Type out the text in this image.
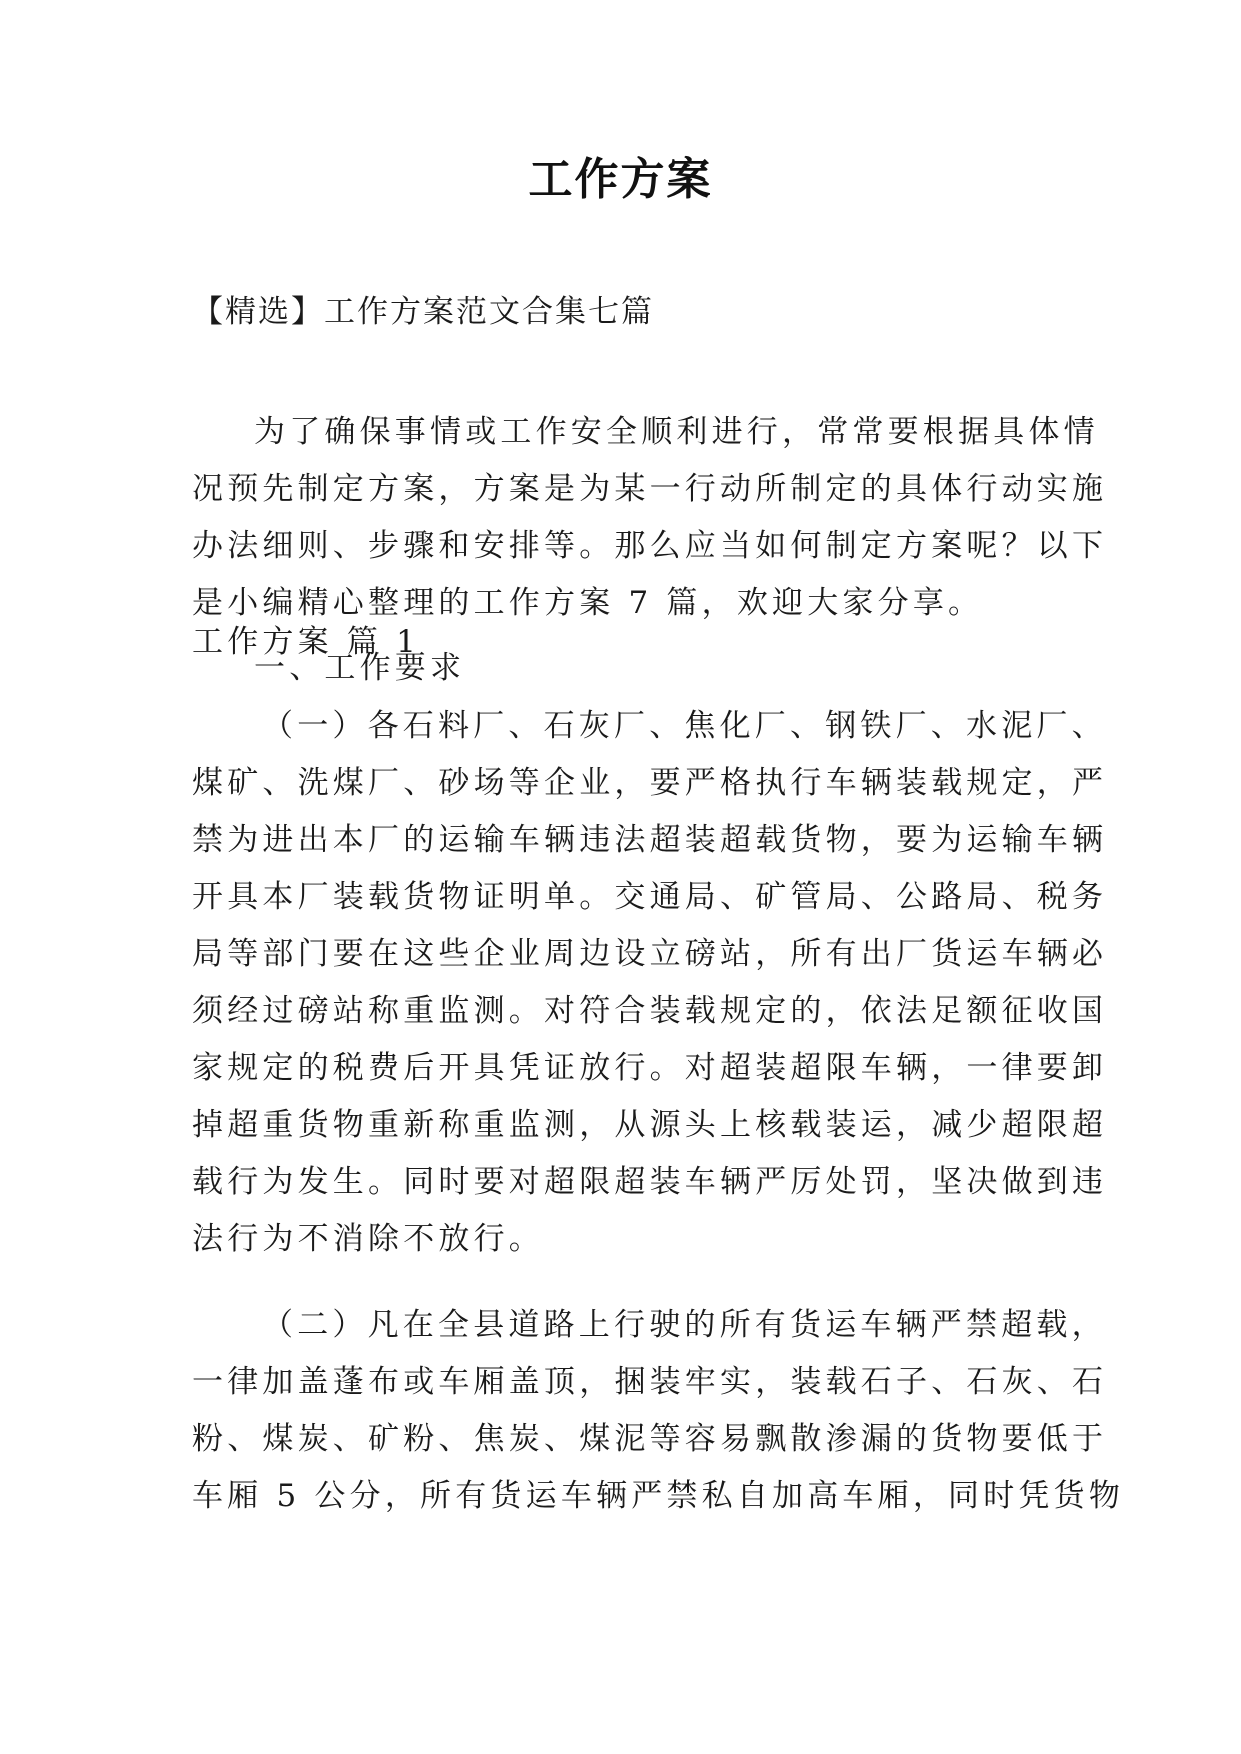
工作方案
【精选】工作方案范文合集七篇
为了确保事情或工作安全顺利进行，常常要根据具体情
况预先制定方案，方案是为某一行动所制定的具体行动实施
办法细则、步骤和安排等。那么应当如何制定方案呢？以下
是小编精心整理的工作方案 7 篇，欢迎大家分享。
工作方案 篇 1
一、工作要求
（一）各石料厂、石灰厂、焦化厂、钢铁厂、水泥厂、
煤矿、洗煤厂、砂场等企业，要严格执行车辆装载规定，严
禁为进出本厂的运输车辆违法超装超载货物，要为运输车辆
开具本厂装载货物证明单。交通局、矿管局、公路局、税务
局等部门要在这些企业周边设立磅站，所有出厂货运车辆必
须经过磅站称重监测。对符合装载规定的，依法足额征收国
家规定的税费后开具凭证放行。对超装超限车辆，一律要卸
掉超重货物重新称重监测，从源头上核载装运，减少超限超
载行为发生。同时要对超限超装车辆严厉处罚，坚决做到违
法行为不消除不放行。
（二）凡在全县道路上行驶的所有货运车辆严禁超载，
一律加盖蓬布或车厢盖顶，捆装牢实，装载石子、石灰、石
粉、煤炭、矿粉、焦炭、煤泥等容易飘散渗漏的货物要低于
车厢 5 公分，所有货运车辆严禁私自加高车厢，同时凭货物
